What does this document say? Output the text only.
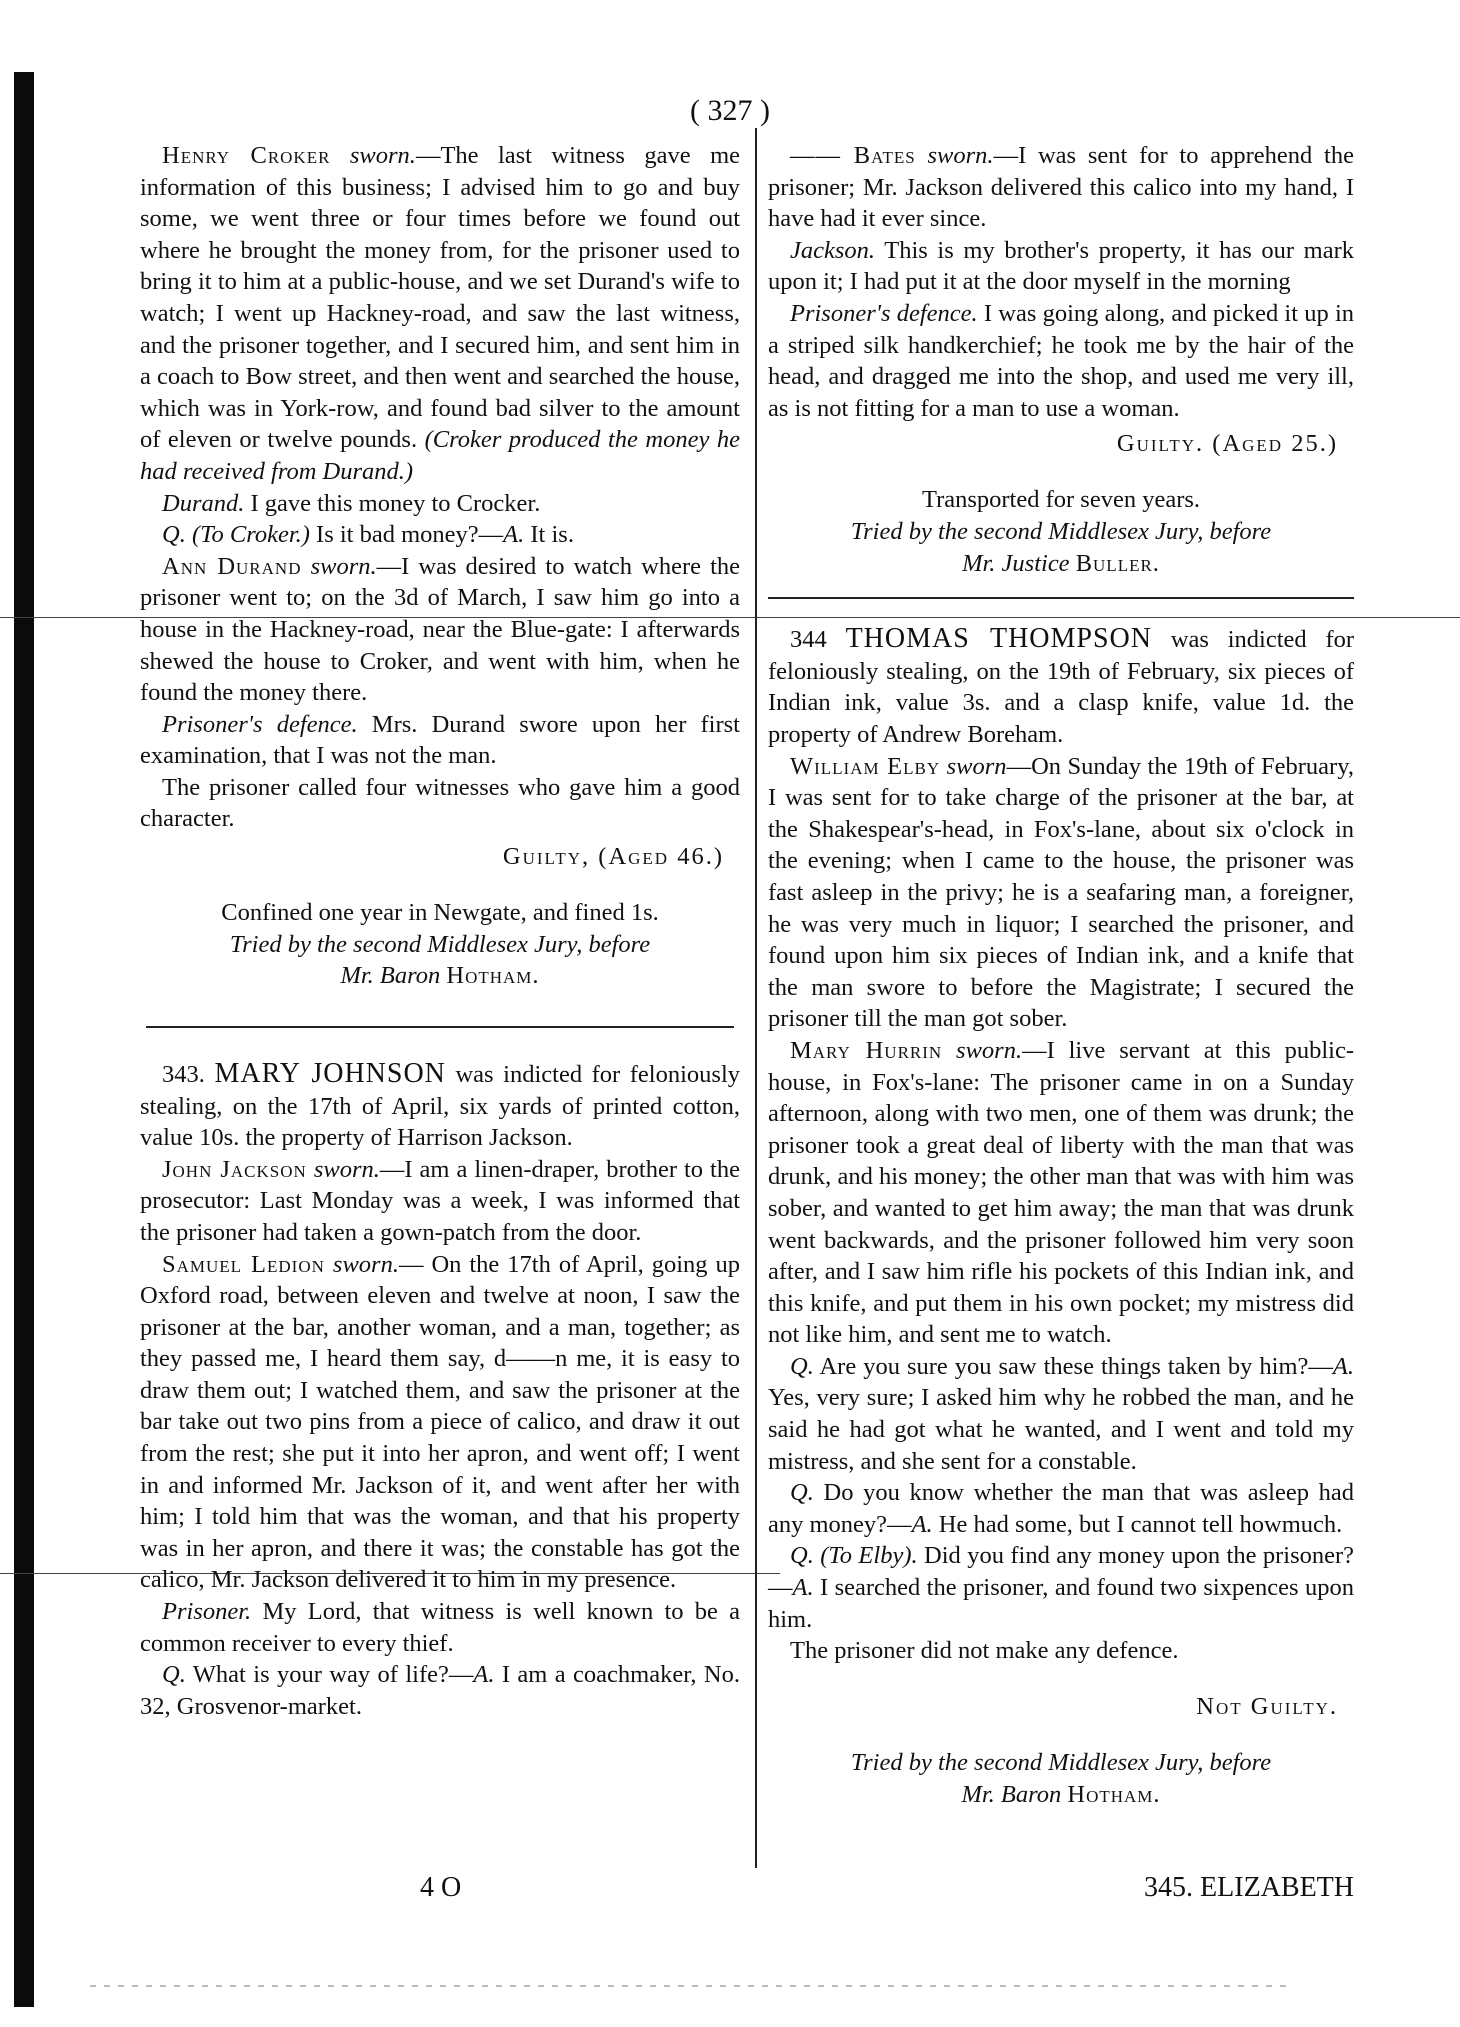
( 327 )

Henry Croker sworn.—The last witness gave me information of this business; I advised him to go and buy some, we went three or four times before we found out where he brought the money from, for the prisoner used to bring it to him at a public-house, and we set Durand's wife to watch; I went up Hackney-road, and saw the last witness, and the prisoner together, and I secured him, and sent him in a coach to Bow street, and then went and searched the house, which was in York-row, and found bad silver to the amount of eleven or twelve pounds. (Croker produced the money he had received from Durand.)

Durand. I gave this money to Crocker.

Q. (To Croker.) Is it bad money?—A. It is.

Ann Durand sworn.—I was desired to watch where the prisoner went to; on the 3d of March, I saw him go into a house in the Hackney-road, near the Blue-gate: I afterwards shewed the house to Croker, and went with him, when he found the money there.

Prisoner's defence. Mrs. Durand swore upon her first examination, that I was not the man.

The prisoner called four witnesses who gave him a good character.

Guilty, (Aged 46.)

Confined one year in Newgate, and fined 1s.

Tried by the second Middlesex Jury, before

Mr. Baron Hotham.

343. MARY JOHNSON was indicted for feloniously stealing, on the 17th of April, six yards of printed cotton, value 10s. the property of Harrison Jackson.

John Jackson sworn.—I am a linen-draper, brother to the prosecutor: Last Monday was a week, I was informed that the prisoner had taken a gown-patch from the door.

Samuel Ledion sworn.— On the 17th of April, going up Oxford road, between eleven and twelve at noon, I saw the prisoner at the bar, another woman, and a man, together; as they passed me, I heard them say, d——n me, it is easy to draw them out; I watched them, and saw the prisoner at the bar take out two pins from a piece of calico, and draw it out from the rest; she put it into her apron, and went off; I went in and informed Mr. Jackson of it, and went after her with him; I told him that was the woman, and that his property was in her apron, and there it was; the constable has got the calico, Mr. Jackson delivered it to him in my presence.

Prisoner. My Lord, that witness is well known to be a common receiver to every thief.

Q. What is your way of life?—A. I am a coachmaker, No. 32, Grosvenor-market.

—— Bates sworn.—I was sent for to apprehend the prisoner; Mr. Jackson delivered this calico into my hand, I have had it ever since.

Jackson. This is my brother's property, it has our mark upon it; I had put it at the door myself in the morning

Prisoner's defence. I was going along, and picked it up in a striped silk handkerchief; he took me by the hair of the head, and dragged me into the shop, and used me very ill, as is not fitting for a man to use a woman.

Guilty. (Aged 25.)

Transported for seven years.

Tried by the second Middlesex Jury, before

Mr. Justice Buller.

344 THOMAS THOMPSON was indicted for feloniously stealing, on the 19th of February, six pieces of Indian ink, value 3s. and a clasp knife, value 1d. the property of Andrew Boreham.

William Elby sworn—On Sunday the 19th of February, I was sent for to take charge of the prisoner at the bar, at the Shakespear's-head, in Fox's-lane, about six o'clock in the evening; when I came to the house, the prisoner was fast asleep in the privy; he is a seafaring man, a foreigner, he was very much in liquor; I searched the prisoner, and found upon him six pieces of Indian ink, and a knife that the man swore to before the Magistrate; I secured the prisoner till the man got sober.

Mary Hurrin sworn.—I live servant at this public-house, in Fox's-lane: The prisoner came in on a Sunday afternoon, along with two men, one of them was drunk; the prisoner took a great deal of liberty with the man that was drunk, and his money; the other man that was with him was sober, and wanted to get him away; the man that was drunk went backwards, and the prisoner followed him very soon after, and I saw him rifle his pockets of this Indian ink, and this knife, and put them in his own pocket; my mistress did not like him, and sent me to watch.

Q. Are you sure you saw these things taken by him?—A. Yes, very sure; I asked him why he robbed the man, and he said he had got what he wanted, and I went and told my mistress, and she sent for a constable.

Q. Do you know whether the man that was asleep had any money?—A. He had some, but I cannot tell howmuch.

Q. (To Elby). Did you find any money upon the prisoner? —A. I searched the prisoner, and found two sixpences upon him.

The prisoner did not make any defence.

Not Guilty.

Tried by the second Middlesex Jury, before

Mr. Baron Hotham.

4 O	345. ELIZABETH
